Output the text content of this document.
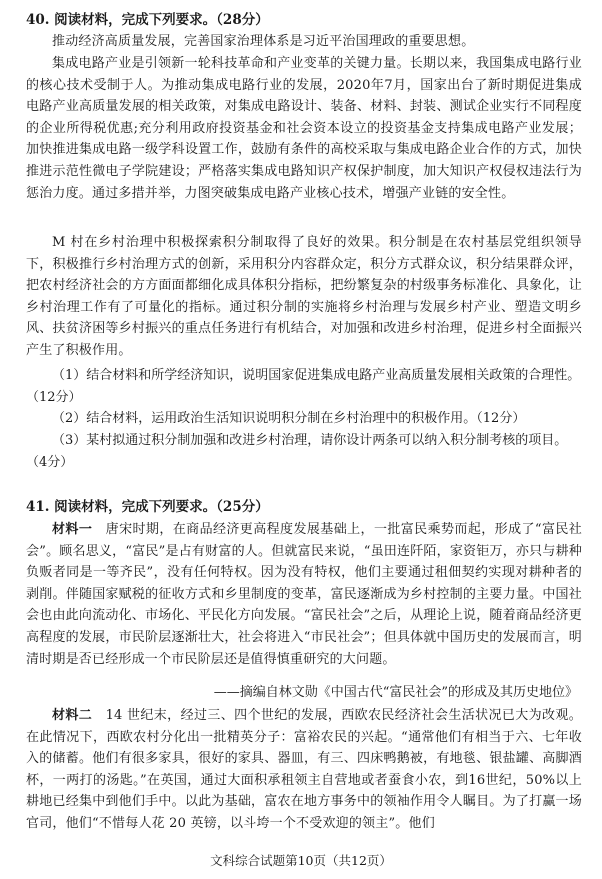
40. 阅读材料，完成下列要求。（28分）
推动经济高质量发展，完善国家治理体系是习近平治国理政的重要思想。
集成电路产业是引领新一轮科技革命和产业变革的关键力量。长期以来，我国集成电路行业的核心技术受制于人。为推动集成电路行业的发展，2020年7月，国家出台了新时期促进集成电路产业高质量发展的相关政策，对集成电路设计、装备、材料、封装、测试企业实行不同程度的企业所得税优惠;充分利用政府投资基金和社会资本设立的投资基金支持集成电路产业发展；加快推进集成电路一级学科设置工作，鼓励有条件的高校采取与集成电路企业合作的方式，加快推进示范性微电子学院建设；严格落实集成电路知识产权保护制度，加大知识产权侵权违法行为惩治力度。通过多措并举，力图突破集成电路产业核心技术，增强产业链的安全性。
M 村在乡村治理中积极探索积分制取得了良好的效果。积分制是在农村基层党组织领导下，积极推行乡村治理方式的创新，采用积分内容群众定，积分方式群众议，积分结果群众评，把农村经济社会的方方面面都细化成具体积分指标，把纷繁复杂的村级事务标准化、具象化，让乡村治理工作有了可量化的指标。通过积分制的实施将乡村治理与发展乡村产业、塑造文明乡风、扶贫济困等乡村振兴的重点任务进行有机结合，对加强和改进乡村治理，促进乡村全面振兴产生了积极作用。
（1）结合材料和所学经济知识，说明国家促进集成电路产业高质量发展相关政策的合理性。（12分）
（2）结合材料，运用政治生活知识说明积分制在乡村治理中的积极作用。（12分）
（3）某村拟通过积分制加强和改进乡村治理，请你设计两条可以纳入积分制考核的项目。（4分）
41. 阅读材料，完成下列要求。（25分）
材料一　 唐宋时期，在商品经济更高程度发展基础上，一批富民乘势而起，形成了“富民社会”。顾名思义，“富民”是占有财富的人。但就富民来说，“虽田连阡陌，家资钜万，亦只与耕种负贩者同是一等齐民”，没有任何特权。因为没有特权，他们主要通过租佃契约实现对耕种者的剥削。伴随国家赋税的征收方式和乡里制度的变革，富民逐渐成为乡村控制的主要力量。中国社会也由此向流动化、市场化、平民化方向发展。“富民社会”之后，从理论上说，随着商品经济更高程度的发展，市民阶层逐渐壮大，社会将进入“市民社会”；但具体就中国历史的发展而言，明清时期是否已经形成一个市民阶层还是值得慎重研究的大问题。
——摘编自林文勋《中国古代“富民社会”的形成及其历史地位》
材料二　 14 世纪末，经过三、四个世纪的发展，西欧农民经济社会生活状况已大为改观。在此情况下，西欧农村分化出一批精英分子：富裕农民的兴起。“通常他们有相当于六、七年收入的储蓄。他们有很多家具，很好的家具、器皿，有三、四床鸭鹅被，有地毯、银盐罐、高脚酒杯，一两打的汤匙。”在英国，通过大面积承租领主自营地或者蚕食小农，到16世纪，50%以上耕地已经集中到他们手中。以此为基础，富农在地方事务中的领袖作用令人瞩目。为了打赢一场官司，他们“不惜每人花 20 英镑，以斗垮一个不受欢迎的领主”。他们
文科综合试题第10页（共12页）
